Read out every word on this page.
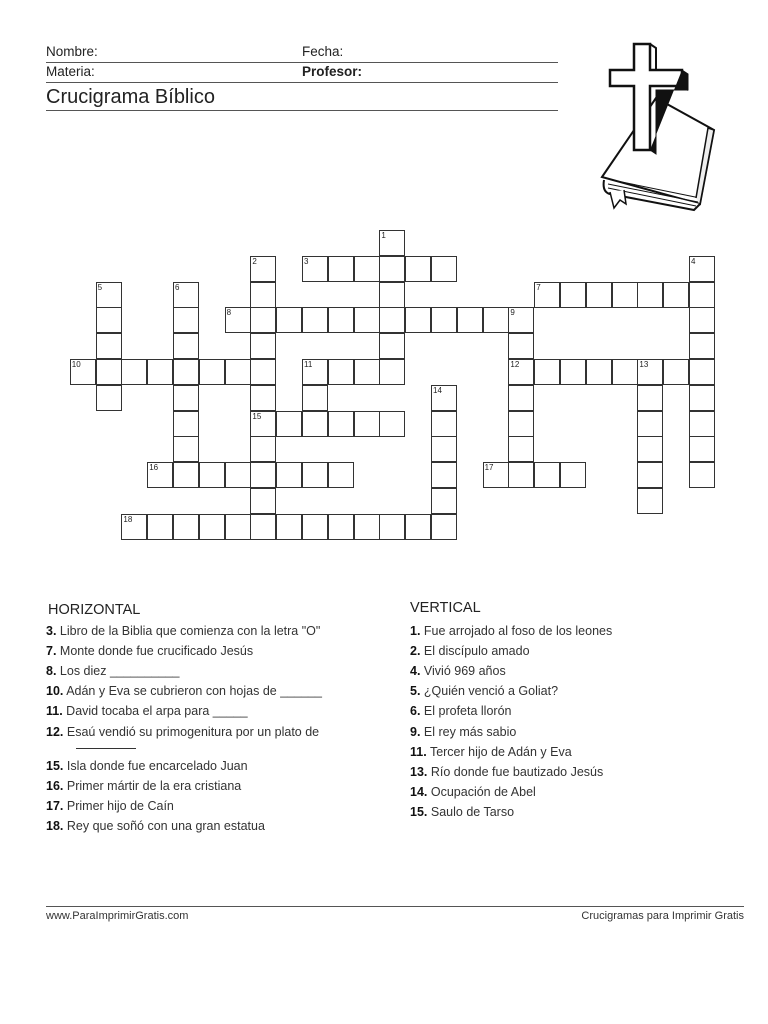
Nombre:	Fecha:
Materia:	Profesor:
Crucigrama Bíblico
1
2
15
3	4
5	6	7
8	9
12
10	11	13
14
16	17
18
HORIZONTAL	VERTICAL
3. Libro de la Biblia que comienza con la letra "O"
7. Monte donde fue crucificado Jesús
8. Los diez __________
10. Adán y Eva se cubrieron con hojas de ______
11. David tocaba el arpa para _____
12. Esaú vendió su primogenitura por un plato de
15. Isla donde fue encarcelado Juan
16. Primer mártir de la era cristiana
17. Primer hijo de Caín
18. Rey que soñó con una gran estatua
1. Fue arrojado al foso de los leones
2. El discípulo amado
4. Vivió 969 años
5. ¿Quién venció a Goliat?
6. El profeta llorón
9. El rey más sabio
11. Tercer hijo de Adán y Eva
13. Río donde fue bautizado Jesús
14. Ocupación de Abel
15. Saulo de Tarso
www.ParaImprimirGratis.com	Crucigramas para Imprimir Gratis
